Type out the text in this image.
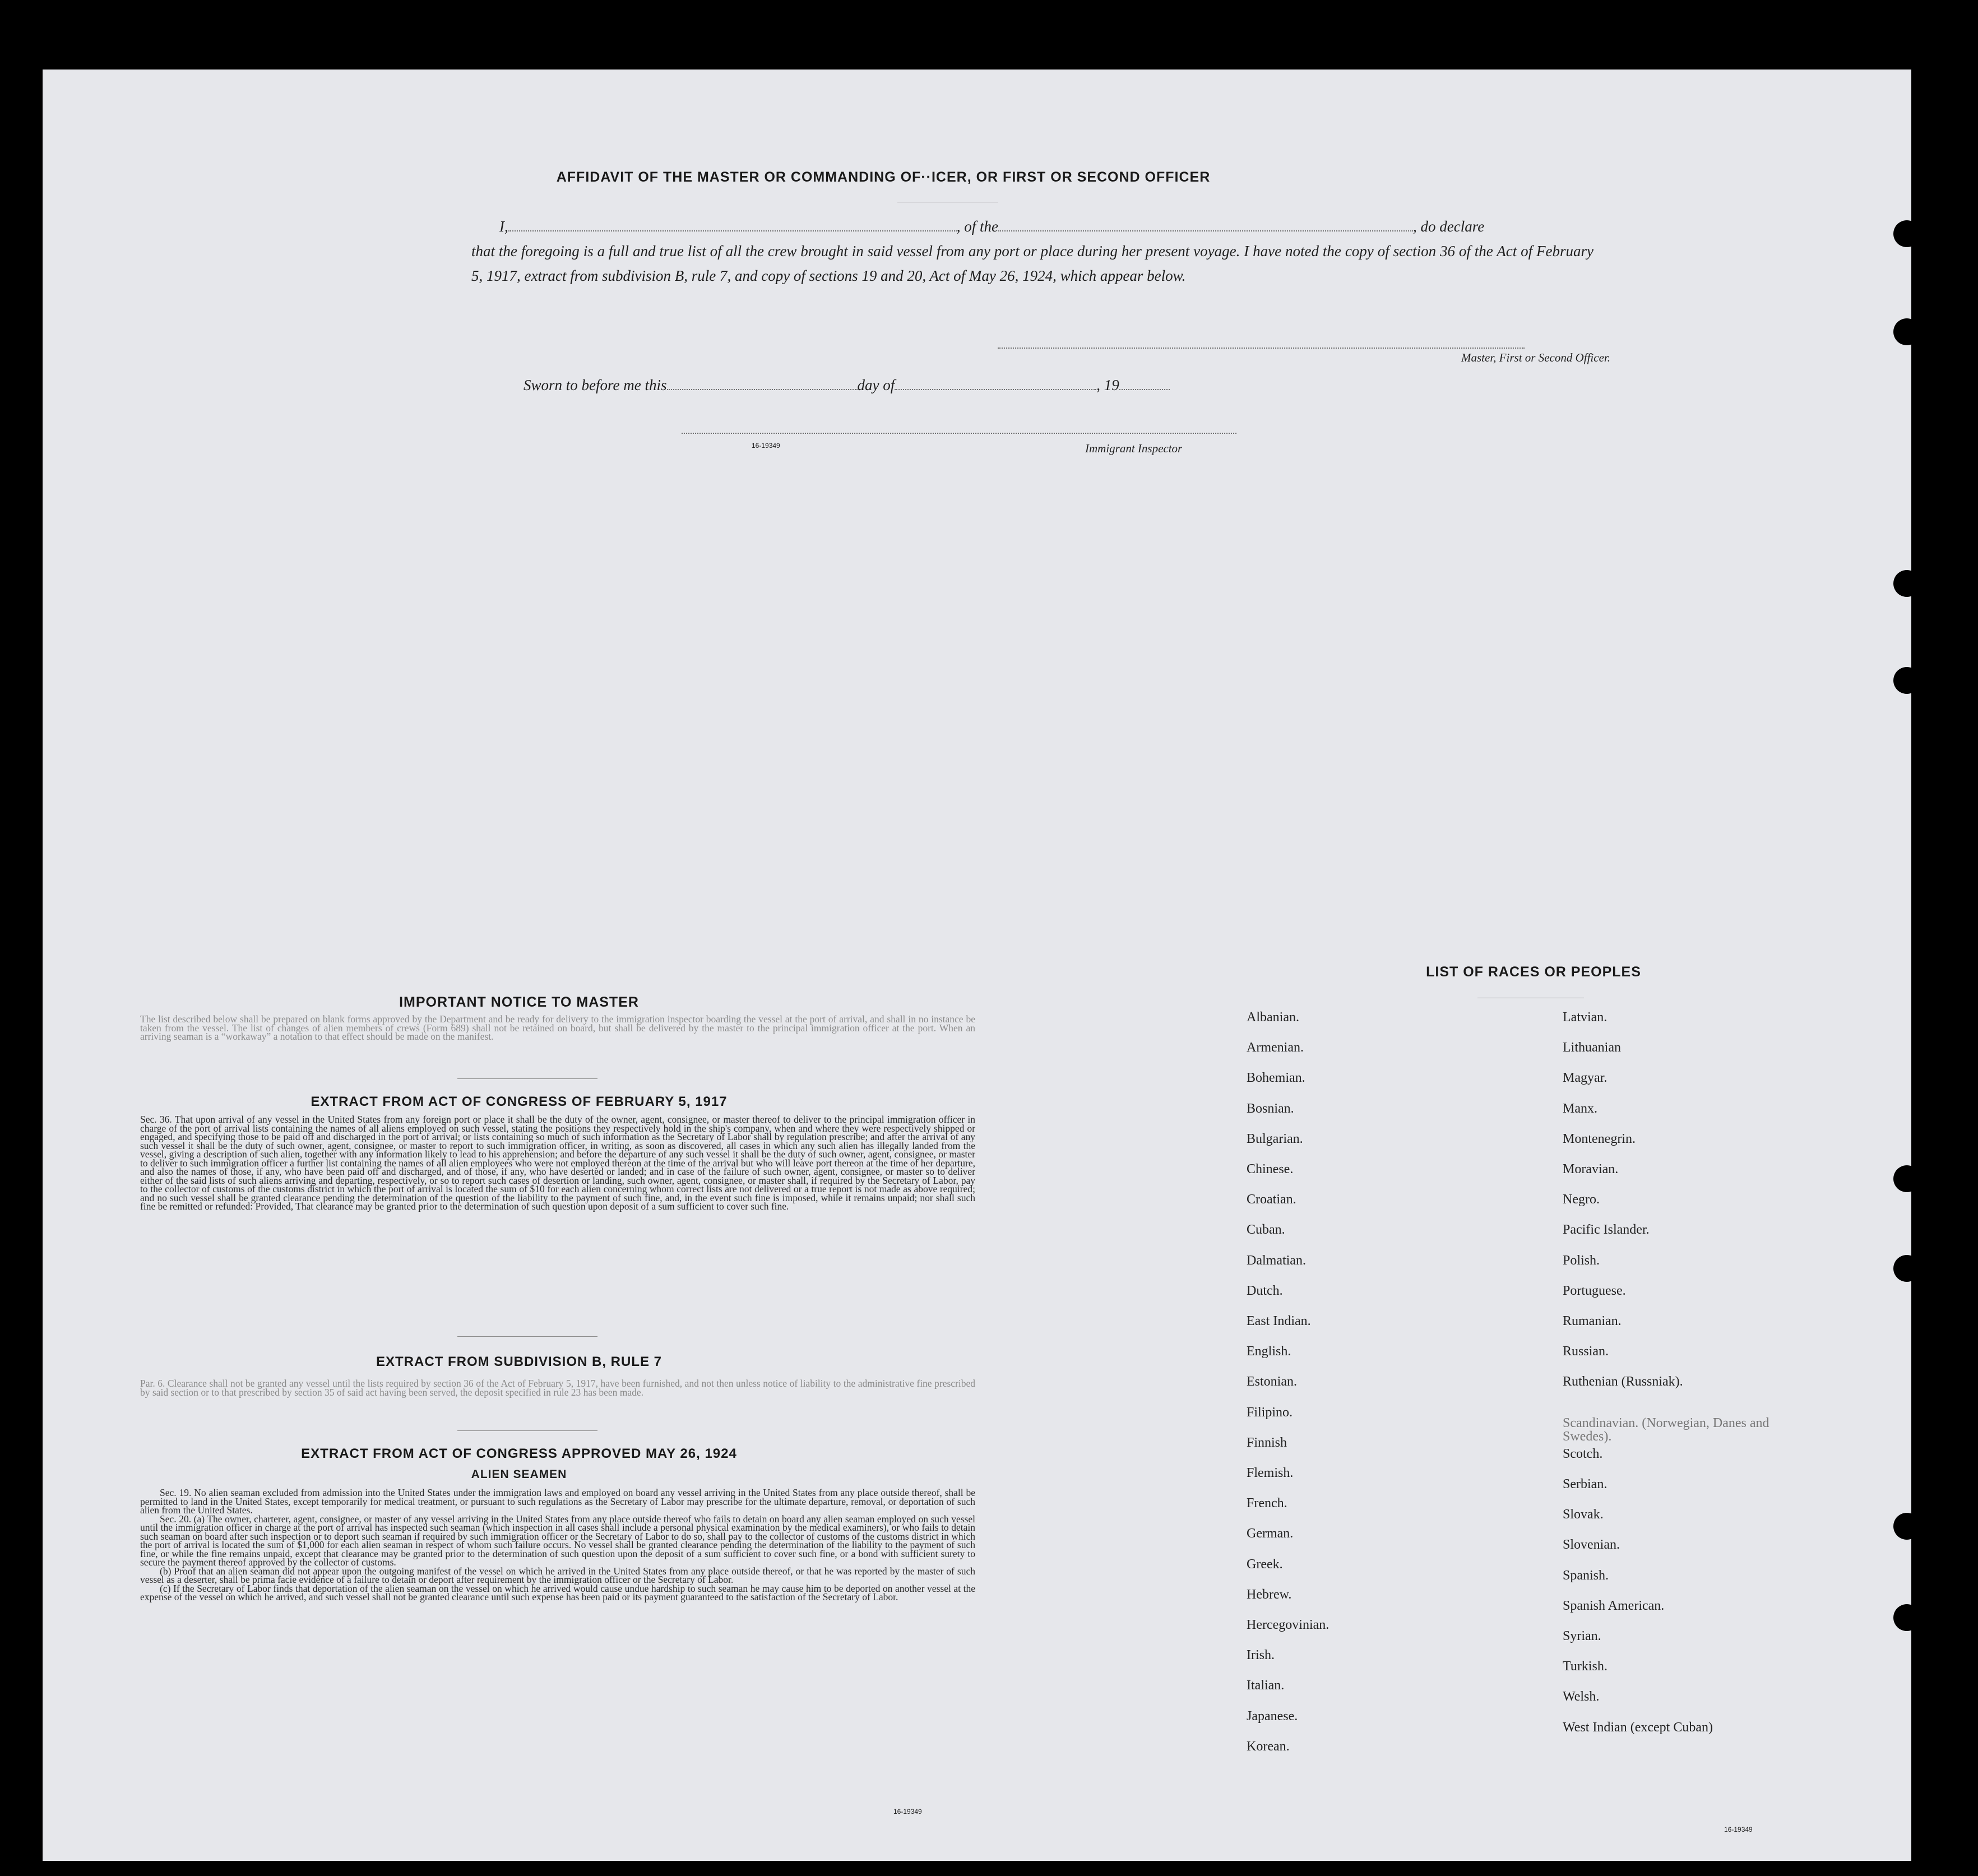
AFFIDAVIT OF THE MASTER OR COMMANDING OF··ICER, OR FIRST OR SECOND OFFICER
I,	, of the	, do declare
that the foregoing is a full and true list of all the crew brought in said vessel from any port or place during her present voyage. I have noted the copy of section 36 of the Act of February 5, 1917, extract from subdivision B, rule 7, and copy of sections 19 and 20, Act of May 26, 1924, which appear below.
Master, First or Second Officer.
Sworn to before me this	day of	, 19
16-19349	Immigrant Inspector
IMPORTANT NOTICE TO MASTER
The list described below shall be prepared on blank forms approved by the Department and be ready for delivery to the immigration inspector boarding the vessel at the port of arrival, and shall in no instance be taken from the vessel. The list of changes of alien members of crews (Form 689) shall not be retained on board, but shall be delivered by the master to the principal immigration officer at the port. When an arriving seaman is a “workaway” a notation to that effect should be made on the manifest.
EXTRACT FROM ACT OF CONGRESS OF FEBRUARY 5, 1917
Sec. 36. That upon arrival of any vessel in the United States from any foreign port or place it shall be the duty of the owner, agent, consignee, or master thereof to deliver to the principal immigration officer in charge of the port of arrival lists containing the names of all aliens employed on such vessel, stating the positions they respectively hold in the ship's company, when and where they were respectively shipped or engaged, and specifying those to be paid off and discharged in the port of arrival; or lists containing so much of such information as the Secretary of Labor shall by regulation prescribe; and after the arrival of any such vessel it shall be the duty of such owner, agent, consignee, or master to report to such immigration officer, in writing, as soon as discovered, all cases in which any such alien has illegally landed from the vessel, giving a description of such alien, together with any information likely to lead to his apprehension; and before the departure of any such vessel it shall be the duty of such owner, agent, consignee, or master to deliver to such immigration officer a further list containing the names of all alien employees who were not employed thereon at the time of the arrival but who will leave port thereon at the time of her departure, and also the names of those, if any, who have been paid off and discharged, and of those, if any, who have deserted or landed; and in case of the failure of such owner, agent, consignee, or master so to deliver either of the said lists of such aliens arriving and departing, respectively, or so to report such cases of desertion or landing, such owner, agent, consignee, or master shall, if required by the Secretary of Labor, pay to the collector of customs of the customs district in which the port of arrival is located the sum of $10 for each alien concerning whom correct lists are not delivered or a true report is not made as above required; and no such vessel shall be granted clearance pending the determination of the question of the liability to the payment of such fine, and, in the event such fine is imposed, while it remains unpaid; nor shall such fine be remitted or refunded: Provided, That clearance may be granted prior to the determination of such question upon deposit of a sum sufficient to cover such fine.
EXTRACT FROM SUBDIVISION B, RULE 7
Par. 6. Clearance shall not be granted any vessel until the lists required by section 36 of the Act of February 5, 1917, have been furnished, and not then unless notice of liability to the administrative fine prescribed by said section or to that prescribed by section 35 of said act having been served, the deposit specified in rule 23 has been made.
EXTRACT FROM ACT OF CONGRESS APPROVED MAY 26, 1924
ALIEN SEAMEN
Sec. 19. No alien seaman excluded from admission into the United States under the immigration laws and employed on board any vessel arriving in the United States from any place outside thereof, shall be permitted to land in the United States, except temporarily for medical treatment, or pursuant to such regulations as the Secretary of Labor may prescribe for the ultimate departure, removal, or deportation of such alien from the United States.
Sec. 20. (a) The owner, charterer, agent, consignee, or master of any vessel arriving in the United States from any place outside thereof who fails to detain on board any alien seaman employed on such vessel until the immigration officer in charge at the port of arrival has inspected such seaman (which inspection in all cases shall include a personal physical examination by the medical examiners), or who fails to detain such seaman on board after such inspection or to deport such seaman if required by such immigration officer or the Secretary of Labor to do so, shall pay to the collector of customs of the customs district in which the port of arrival is located the sum of $1,000 for each alien seaman in respect of whom such failure occurs. No vessel shall be granted clearance pending the determination of the liability to the payment of such fine, or while the fine remains unpaid, except that clearance may be granted prior to the determination of such question upon the deposit of a sum sufficient to cover such fine, or a bond with sufficient surety to secure the payment thereof approved by the collector of customs.
(b) Proof that an alien seaman did not appear upon the outgoing manifest of the vessel on which he arrived in the United States from any place outside thereof, or that he was reported by the master of such vessel as a deserter, shall be prima facie evidence of a failure to detain or deport after requirement by the immigration officer or the Secretary of Labor.
(c) If the Secretary of Labor finds that deportation of the alien seaman on the vessel on which he arrived would cause undue hardship to such seaman he may cause him to be deported on another vessel at the expense of the vessel on which he arrived, and such vessel shall not be granted clearance until such expense has been paid or its payment guaranteed to the satisfaction of the Secretary of Labor.
16-19349
LIST OF RACES OR PEOPLES
16-19349
Albanian.
Armenian.
Bohemian.
Bosnian.
Bulgarian.
Chinese.
Croatian.
Cuban.
Dalmatian.
Dutch.
East Indian.
English.
Estonian.
Filipino.
Finnish
Flemish.
French.
German.
Greek.
Hebrew.
Hercegovinian.
Irish.
Italian.
Japanese.
Korean.
Latvian.
Lithuanian
Magyar.
Manx.
Montenegrin.
Moravian.
Negro.
Pacific Islander.
Polish.
Portuguese.
Rumanian.
Russian.
Ruthenian (Russniak).
Scandinavian. (Norwegian, Danes and Swedes).
Scotch.
Serbian.
Slovak.
Slovenian.
Spanish.
Spanish American.
Syrian.
Turkish.
Welsh.
West Indian (except Cuban)
